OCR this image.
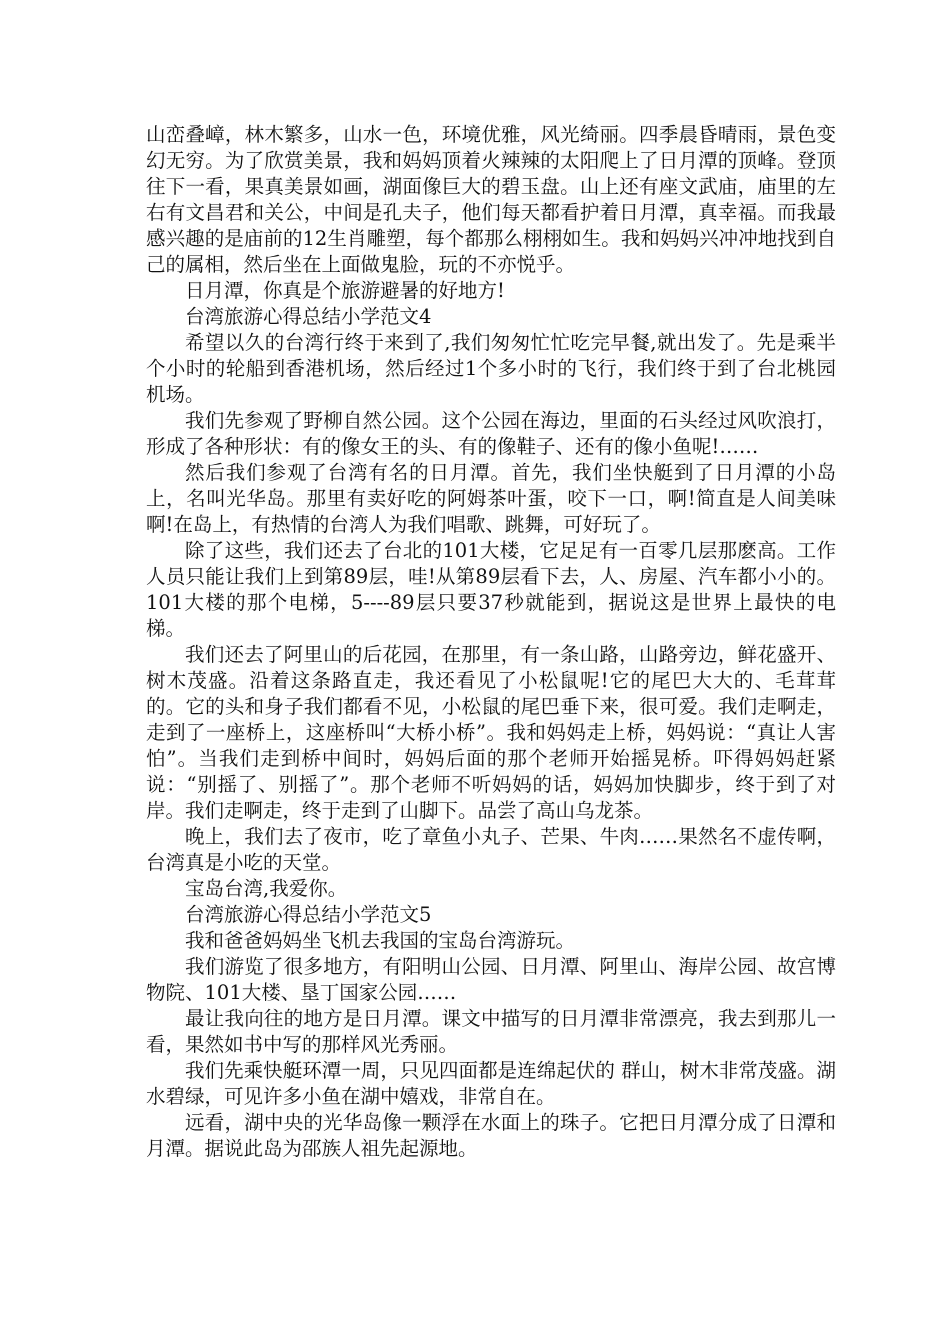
山峦叠嶂，林木繁多，山水一色，环境优雅，风光绮丽。四季晨昏晴雨，景色变幻无穷。为了欣赏美景，我和妈妈顶着火辣辣的太阳爬上了日月潭的顶峰。登顶往下一看，果真美景如画，湖面像巨大的碧玉盘。山上还有座文武庙，庙里的左右有文昌君和关公，中间是孔夫子，他们每天都看护着日月潭，真幸福。而我最感兴趣的是庙前的12生肖雕塑，每个都那么栩栩如生。我和妈妈兴冲冲地找到自己的属相，然后坐在上面做鬼脸，玩的不亦悦乎。

日月潭，你真是个旅游避暑的好地方!

台湾旅游心得总结小学范文4

希望以久的台湾行终于来到了,我们匆匆忙忙吃完早餐,就出发了。先是乘半个小时的轮船到香港机场，然后经过1个多小时的飞行，我们终于到了台北桃园机场。

我们先参观了野柳自然公园。这个公园在海边，里面的石头经过风吹浪打，形成了各种形状：有的像女王的头、有的像鞋子、还有的像小鱼呢!……

然后我们参观了台湾有名的日月潭。首先，我们坐快艇到了日月潭的小岛上，名叫光华岛。那里有卖好吃的阿姆茶叶蛋，咬下一口，啊!简直是人间美味啊!在岛上，有热情的台湾人为我们唱歌、跳舞，可好玩了。

除了这些，我们还去了台北的101大楼，它足足有一百零几层那麽高。工作人员只能让我们上到第89层，哇!从第89层看下去，人、房屋、汽车都小小的。101大楼的那个电梯，5----89层只要37秒就能到，据说这是世界上最快的电梯。

我们还去了阿里山的后花园，在那里，有一条山路，山路旁边，鲜花盛开、树木茂盛。沿着这条路直走，我还看见了小松鼠呢!它的尾巴大大的、毛茸茸的。它的头和身子我们都看不见，小松鼠的尾巴垂下来，很可爱。我们走啊走，走到了一座桥上，这座桥叫“大桥小桥”。我和妈妈走上桥，妈妈说：“真让人害怕”。当我们走到桥中间时，妈妈后面的那个老师开始摇晃桥。吓得妈妈赶紧说：“别摇了、别摇了”。那个老师不听妈妈的话，妈妈加快脚步，终于到了对岸。我们走啊走，终于走到了山脚下。品尝了高山乌龙茶。

晚上，我们去了夜市，吃了章鱼小丸子、芒果、牛肉……果然名不虚传啊，台湾真是小吃的天堂。

宝岛台湾,我爱你。

台湾旅游心得总结小学范文5

我和爸爸妈妈坐飞机去我国的宝岛台湾游玩。

我们游览了很多地方，有阳明山公园、日月潭、阿里山、海岸公园、故宫博物院、101大楼、垦丁国家公园……

最让我向往的地方是日月潭。课文中描写的日月潭非常漂亮，我去到那儿一看，果然如书中写的那样风光秀丽。

我们先乘快艇环潭一周，只见四面都是连绵起伏的 群山，树木非常茂盛。湖水碧绿，可见许多小鱼在湖中嬉戏，非常自在。

远看，湖中央的光华岛像一颗浮在水面上的珠子。它把日月潭分成了日潭和月潭。据说此岛为邵族人祖先起源地。
